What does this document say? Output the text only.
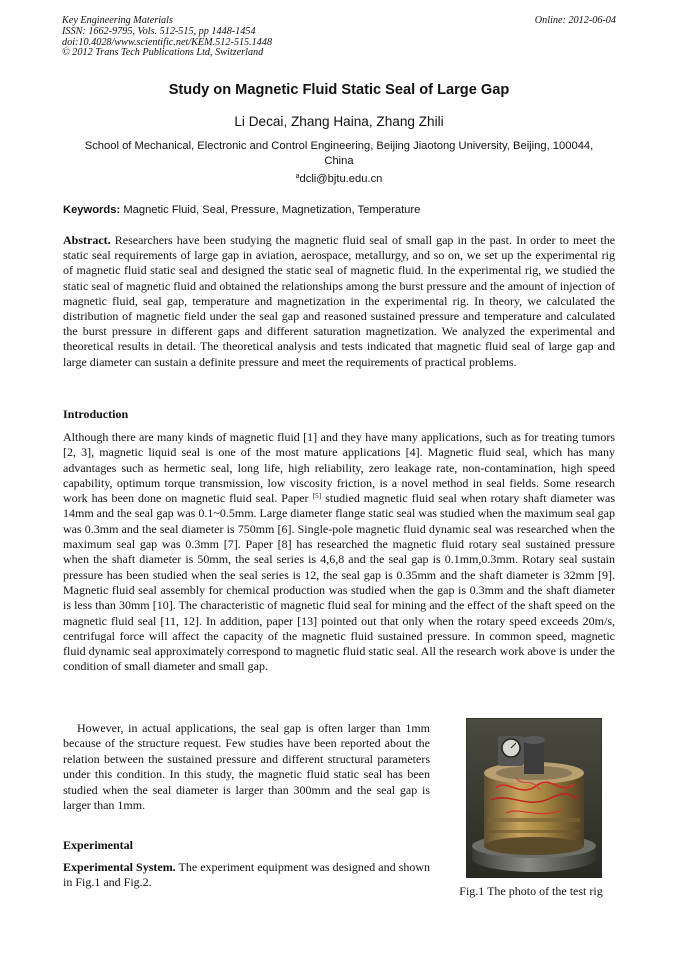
Key Engineering Materials
ISSN: 1662-9795, Vols. 512-515, pp 1448-1454
doi:10.4028/www.scientific.net/KEM.512-515.1448
© 2012 Trans Tech Publications Ltd, Switzerland
Online: 2012-06-04
Study on Magnetic Fluid Static Seal of Large Gap
Li Decai, Zhang Haina, Zhang Zhili
School of Mechanical, Electronic and Control Engineering, Beijing Jiaotong University, Beijing, 100044, China
$^a$dcli@bjtu.edu.cn
Keywords: Magnetic Fluid, Seal, Pressure, Magnetization, Temperature
Abstract. Researchers have been studying the magnetic fluid seal of small gap in the past. In order to meet the static seal requirements of large gap in aviation, aerospace, metallurgy, and so on, we set up the experimental rig of magnetic fluid static seal and designed the static seal of magnetic fluid. In the experimental rig, we studied the static seal of magnetic fluid and obtained the relationships among the burst pressure and the amount of injection of magnetic fluid, seal gap, temperature and magnetization in the experimental rig. In theory, we calculated the distribution of magnetic field under the seal gap and reasoned sustained pressure and temperature and calculated the burst pressure in different gaps and different saturation magnetization. We analyzed the experimental and theoretical results in detail. The theoretical analysis and tests indicated that magnetic fluid seal of large gap and large diameter can sustain a definite pressure and meet the requirements of practical problems.
Introduction
Although there are many kinds of magnetic fluid [1] and they have many applications, such as for treating tumors [2, 3], magnetic liquid seal is one of the most mature applications [4]. Magnetic fluid seal, which has many advantages such as hermetic seal, long life, high reliability, zero leakage rate, non-contamination, high speed capability, optimum torque transmission, low viscosity friction, is a novel method in seal fields. Some research work has been done on magnetic fluid seal. Paper [5] studied magnetic fluid seal when rotary shaft diameter was 14mm and the seal gap was 0.1~0.5mm. Large diameter flange static seal was studied when the maximum seal gap was 0.3mm and the seal diameter is 750mm [6]. Single-pole magnetic fluid dynamic seal was researched when the maximum seal gap was 0.3mm [7]. Paper [8] has researched the magnetic fluid rotary seal sustained pressure when the shaft diameter is 50mm, the seal series is 4,6,8 and the seal gap is 0.1mm,0.3mm. Rotary seal sustain pressure has been studied when the seal series is 12, the seal gap is 0.35mm and the shaft diameter is 32mm [9]. Magnetic fluid seal assembly for chemical production was studied when the gap is 0.3mm and the shaft diameter is less than 30mm [10]. The characteristic of magnetic fluid seal for mining and the effect of the shaft speed on the magnetic fluid seal [11, 12]. In addition, paper [13] pointed out that only when the rotary speed exceeds 20m/s, centrifugal force will affect the capacity of the magnetic fluid sustained pressure. In common speed, magnetic fluid dynamic seal approximately correspond to magnetic fluid static seal. All the research work above is under the condition of small diameter and small gap.
However, in actual applications, the seal gap is often larger than 1mm because of the structure request. Few studies have been reported about the relation between the sustained pressure and different structural parameters under this condition. In this study, the magnetic fluid static seal has been studied when the seal diameter is larger than 300mm and the seal gap is larger than 1mm.
Experimental
Experimental System. The experiment equipment was designed and shown in Fig.1 and Fig.2.
Fig.1 The photo of the test rig
